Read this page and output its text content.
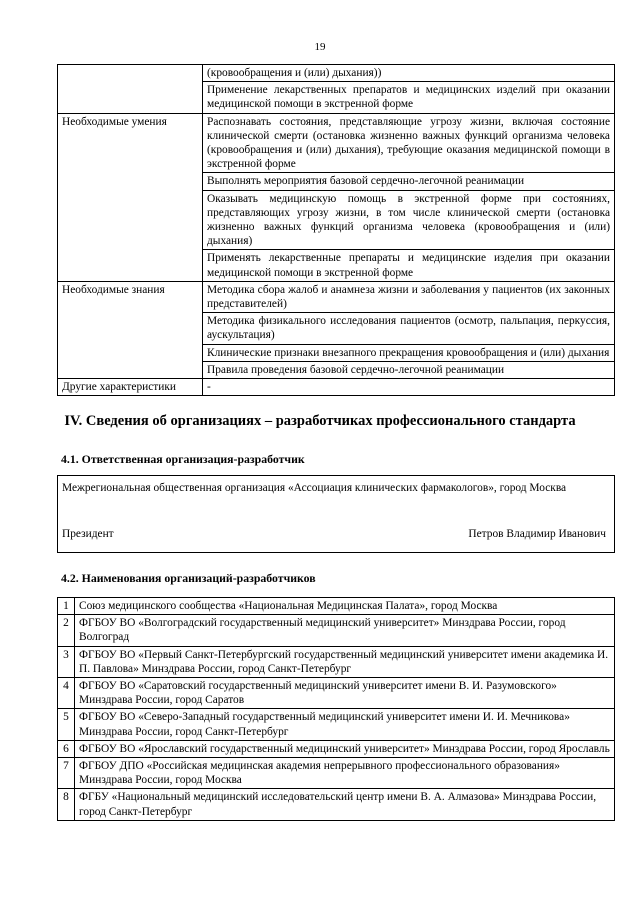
19
	(кровообращения и (или) дыхания))
	Применение лекарственных препаратов и медицинских изделий при оказании медицинской помощи в экстренной форме
Необходимые умения	Распознавать состояния, представляющие угрозу жизни, включая состояние клинической смерти (остановка жизненно важных функций организма человека (кровообращения и (или) дыхания), требующие оказания медицинской помощи в экстренной форме
	Выполнять мероприятия базовой сердечно-легочной реанимации
	Оказывать медицинскую помощь в экстренной форме при состояниях, представляющих угрозу жизни, в том числе клинической смерти (остановка жизненно важных функций организма человека (кровообращения и (или) дыхания)
	Применять лекарственные препараты и медицинские изделия при оказании медицинской помощи в экстренной форме
Необходимые знания	Методика сбора жалоб и анамнеза жизни и заболевания у пациентов (их законных представителей)
	Методика физикального исследования пациентов (осмотр, пальпация, перкуссия, аускультация)
	Клинические признаки внезапного прекращения кровообращения и (или) дыхания
	Правила проведения базовой сердечно-легочной реанимации
Другие характеристики	-
IV. Сведения об организациях – разработчиках профессионального стандарта
4.1. Ответственная организация-разработчик
Межрегиональная общественная организация «Ассоциация клинических фармакологов», город Москва
Президент	Петров Владимир Иванович
4.2. Наименования организаций-разработчиков
1	Союз медицинского сообщества «Национальная Медицинская Палата», город Москва
2	ФГБОУ ВО «Волгоградский государственный медицинский университет» Минздрава России, город Волгоград
3	ФГБОУ ВО «Первый Санкт-Петербургский государственный медицинский университет имени академика И. П. Павлова» Минздрава России, город Санкт-Петербург
4	ФГБОУ ВО «Саратовский государственный медицинский университет имени В. И. Разумовского» Минздрава России, город Саратов
5	ФГБОУ ВО «Северо-Западный государственный медицинский университет имени И. И. Мечникова» Минздрава России, город Санкт-Петербург
6	ФГБОУ ВО «Ярославский государственный медицинский университет» Минздрава России, город Ярославль
7	ФГБОУ ДПО «Российская медицинская академия непрерывного профессионального образования» Минздрава России, город Москва
8	ФГБУ «Национальный медицинский исследовательский центр имени В. А. Алмазова» Минздрава России, город Санкт-Петербург
